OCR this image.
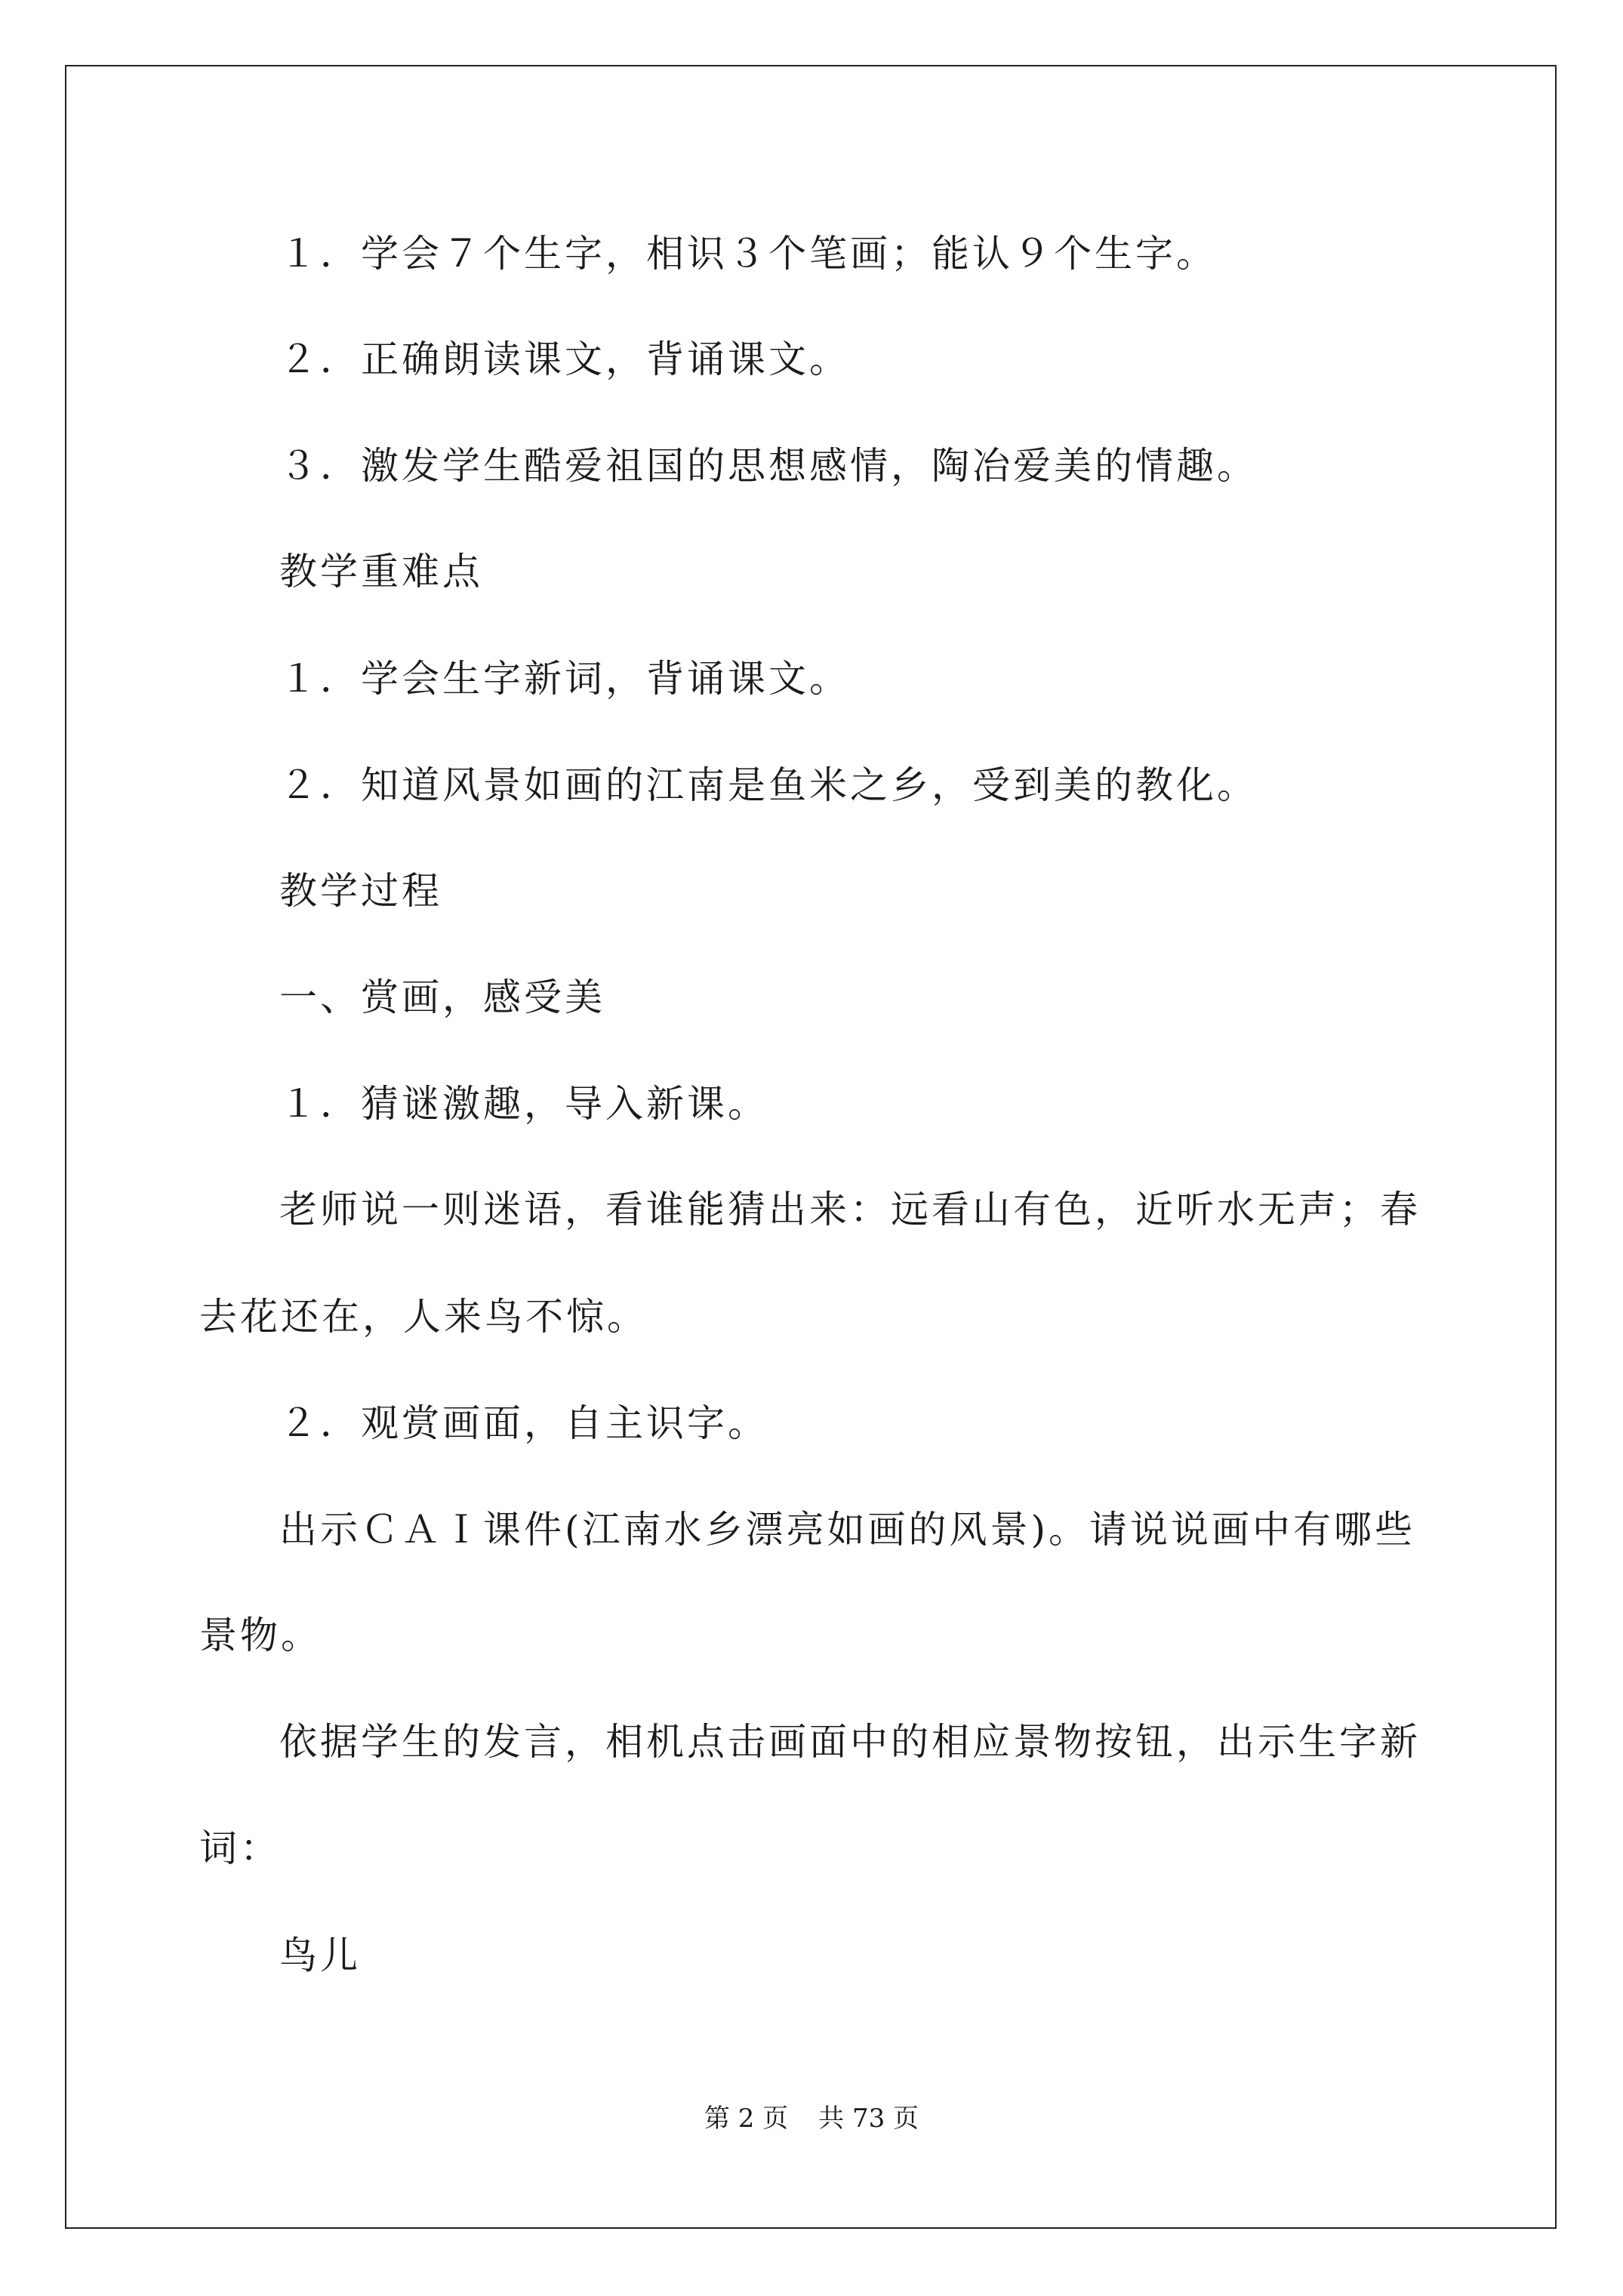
１．学会７个生字，相识３个笔画；能认９个生字。

２．正确朗读课文，背诵课文。

３．激发学生酷爱祖国的思想感情，陶冶爱美的情趣。

教学重难点

１．学会生字新词，背诵课文。

２．知道风景如画的江南是鱼米之乡，受到美的教化。

教学过程

一、赏画，感受美

１．猜谜激趣，导入新课。

老师说一则迷语，看谁能猜出来：远看山有色，近听水无声；春

去花还在，人来鸟不惊。

２．观赏画面，自主识字。

出示ＣＡＩ课件(江南水乡漂亮如画的风景)。请说说画中有哪些

景物。

依据学生的发言，相机点击画面中的相应景物按钮，出示生字新

词：

鸟儿

第 2 页 共 73 页
